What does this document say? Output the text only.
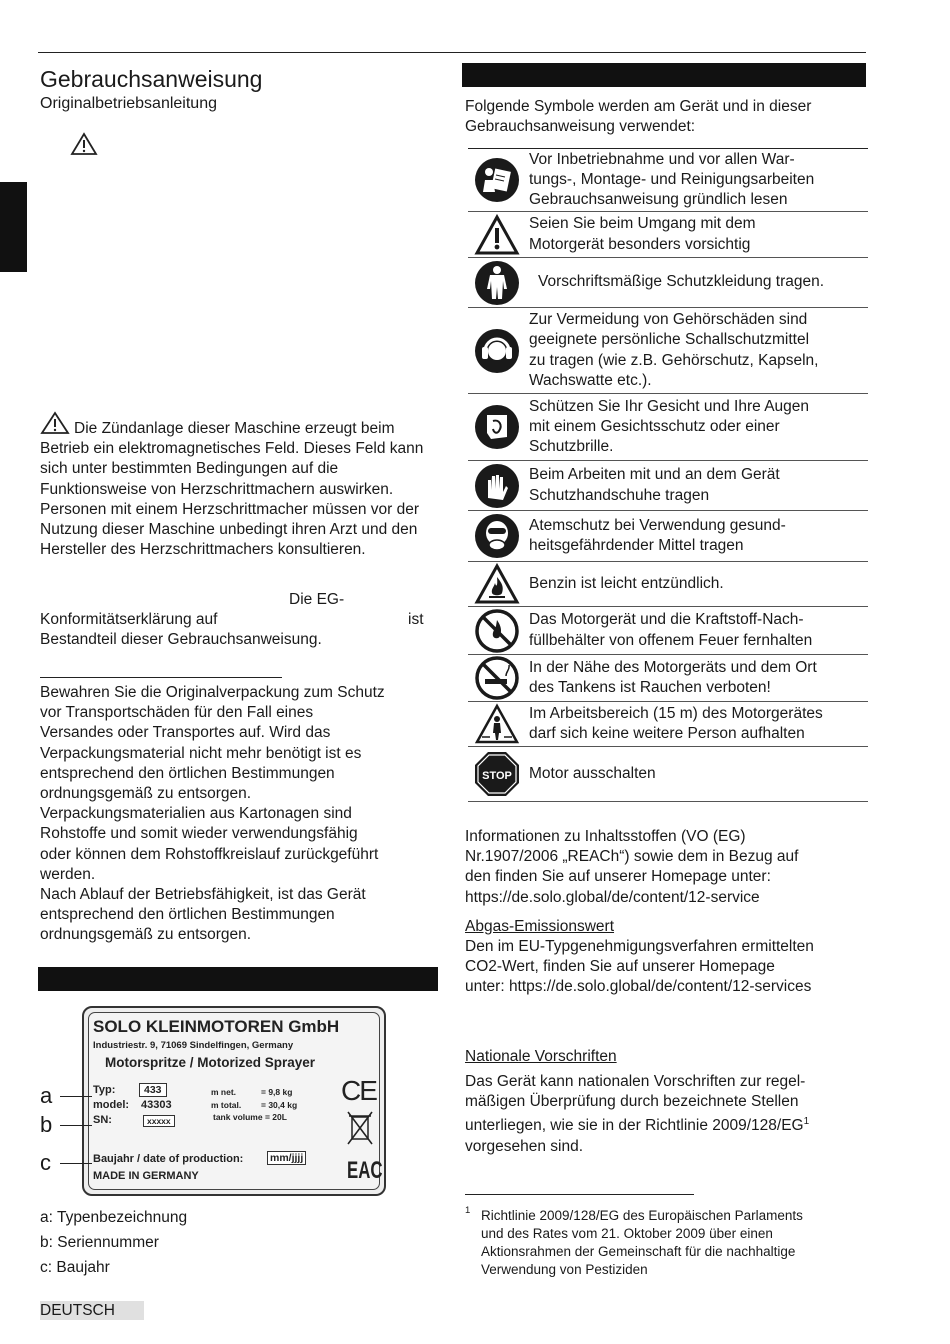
Gebrauchsanweisung
Originalbetriebsanleitung
Die Zündanlage dieser Maschine erzeugt beim Betrieb ein elektromagnetisches Feld. Dieses Feld kann sich unter bestimmten Bedingungen auf die Funktionsweise von Herzschrittmachern auswirken. Personen mit einem Herzschrittmacher müssen vor der Nutzung dieser Maschine unbedingt ihren Arzt und den Hersteller des Herzschrittmachers konsultieren.
Die EG-
Konformitätserklärung auf	ist
Bestandteil dieser Gebrauchsanweisung.
Bewahren Sie die Originalverpackung zum Schutz
vor Transportschäden für den Fall eines
Versandes oder Transportes auf. Wird das
Verpackungsmaterial nicht mehr benötigt ist es
entsprechend den örtlichen Bestimmungen
ordnungsgemäß zu entsorgen.
Verpackungsmaterialien aus Kartonagen sind
Rohstoffe und somit wieder verwendungsfähig
oder können dem Rohstoffkreislauf zurückgeführt
werden.
Nach Ablauf der Betriebsfähigkeit, ist das Gerät
entsprechend den örtlichen Bestimmungen
ordnungsgemäß zu entsorgen.
SOLO KLEINMOTOREN GmbH
Industriestr. 9, 71069 Sindelfingen, Germany
Motorspritze / Motorized Sprayer
Typ:	433
model: 43303
SN:	xxxxx
m net.	= 9,8 kg
m total. = 30,4 kg
tank volume = 20L
CE
Baujahr / date of production:	mm/jjjj
MADE IN GERMANY	EAC
a
b
c
a: Typenbezeichnung
b: Seriennummer
c: Baujahr
DEUTSCH
Folgende Symbole werden am Gerät und in dieser
Gebrauchsanweisung verwendet:
Vor Inbetriebnahme und vor allen War-
tungs-, Montage- und Reinigungsarbeiten
Gebrauchsanweisung gründlich lesen
Seien Sie beim Umgang mit dem
Motorgerät besonders vorsichtig
Vorschriftsmäßige Schutzkleidung tragen.
Zur Vermeidung von Gehörschäden sind
geeignete persönliche Schallschutzmittel
zu tragen (wie z.B. Gehörschutz, Kapseln,
Wachswatte etc.).
Schützen Sie Ihr Gesicht und Ihre Augen
mit einem Gesichtsschutz oder einer
Schutzbrille.
Beim Arbeiten mit und an dem Gerät
Schutzhandschuhe tragen
Atemschutz bei Verwendung gesund-
heitsgefährdender Mittel tragen
Benzin ist leicht entzündlich.
Das Motorgerät und die Kraftstoff-Nach-
füllbehälter von offenem Feuer fernhalten
In der Nähe des Motorgeräts und dem Ort
des Tankens ist Rauchen verboten!
Im Arbeitsbereich (15 m) des Motorgerätes
darf sich keine weitere Person aufhalten
STOP Motor ausschalten
Informationen zu Inhaltsstoffen (VO (EG)
Nr.1907/2006 „REACh“) sowie dem in Bezug auf
den finden Sie auf unserer Homepage unter:
https://de.solo.global/de/content/12-service
Abgas-Emissionswert
Den im EU-Typgenehmigungsverfahren ermittelten
CO2-Wert, finden Sie auf unserer Homepage
unter: https://de.solo.global/de/content/12-services
Nationale Vorschriften
Das Gerät kann nationalen Vorschriften zur regel-
mäßigen Überprüfung durch bezeichnete Stellen
unterliegen, wie sie in der Richtlinie $2009/128/EG^1$
vorgesehen sind.
1 Richtlinie 2009/128/EG des Europäischen Parlaments
und des Rates vom 21. Oktober 2009 über einen
Aktionsrahmen der Gemeinschaft für die nachhaltige
Verwendung von Pestiziden
